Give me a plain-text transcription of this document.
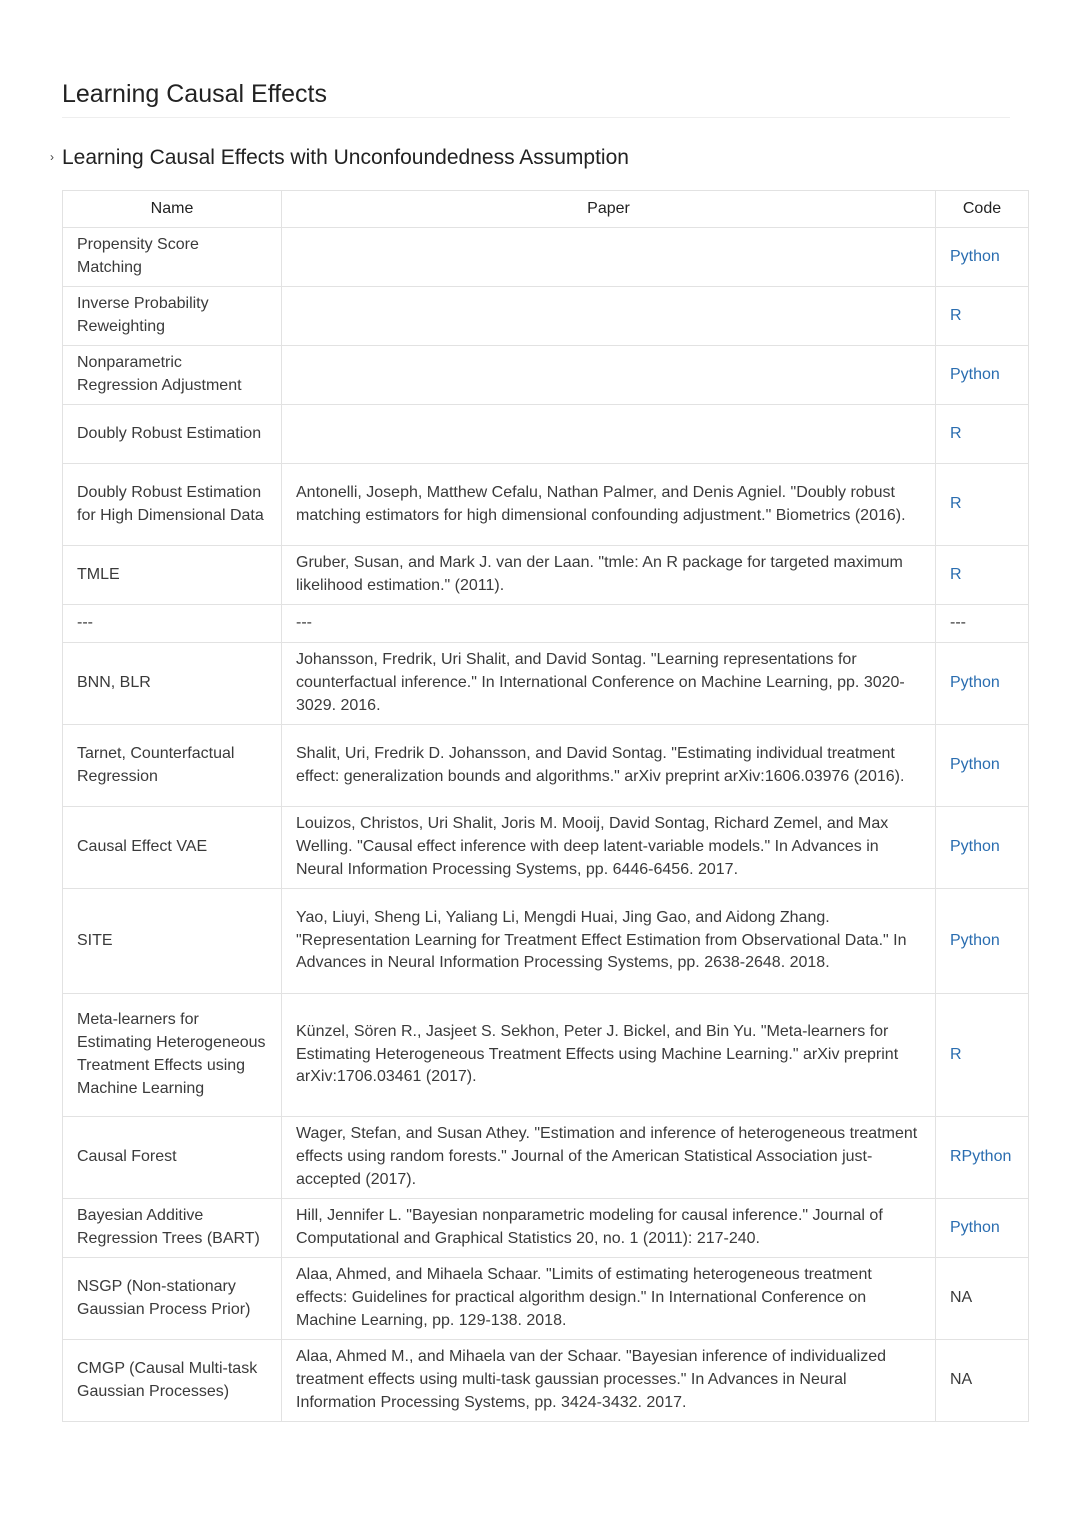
Learning Causal Effects
› Learning Causal Effects with Unconfoundedness Assumption
Name	Paper	Code
Propensity Score Matching		Python
Inverse Probability Reweighting		R
Nonparametric Regression Adjustment		Python
Doubly Robust Estimation		R
Doubly Robust Estimation for High Dimensional Data	Antonelli, Joseph, Matthew Cefalu, Nathan Palmer, and Denis Agniel. "Doubly robust matching estimators for high dimensional confounding adjustment." Biometrics (2016).	R
TMLE	Gruber, Susan, and Mark J. van der Laan. "tmle: An R package for targeted maximum likelihood estimation." (2011).	R
---	---	---
BNN, BLR	Johansson, Fredrik, Uri Shalit, and David Sontag. "Learning representations for counterfactual inference." In International Conference on Machine Learning, pp. 3020-3029. 2016.	Python
Tarnet, Counterfactual Regression	Shalit, Uri, Fredrik D. Johansson, and David Sontag. "Estimating individual treatment effect: generalization bounds and algorithms." arXiv preprint arXiv:1606.03976 (2016).	Python
Causal Effect VAE	Louizos, Christos, Uri Shalit, Joris M. Mooij, David Sontag, Richard Zemel, and Max Welling. "Causal effect inference with deep latent-variable models." In Advances in Neural Information Processing Systems, pp. 6446-6456. 2017.	Python
SITE	Yao, Liuyi, Sheng Li, Yaliang Li, Mengdi Huai, Jing Gao, and Aidong Zhang. "Representation Learning for Treatment Effect Estimation from Observational Data." In Advances in Neural Information Processing Systems, pp. 2638-2648. 2018.	Python
Meta-learners for Estimating Heterogeneous Treatment Effects using Machine Learning	Künzel, Sören R., Jasjeet S. Sekhon, Peter J. Bickel, and Bin Yu. "Meta-learners for Estimating Heterogeneous Treatment Effects using Machine Learning." arXiv preprint arXiv:1706.03461 (2017).	R
Causal Forest	Wager, Stefan, and Susan Athey. "Estimation and inference of heterogeneous treatment effects using random forests." Journal of the American Statistical Association just-accepted (2017).	RPython
Bayesian Additive Regression Trees (BART)	Hill, Jennifer L. "Bayesian nonparametric modeling for causal inference." Journal of Computational and Graphical Statistics 20, no. 1 (2011): 217-240.	Python
NSGP (Non-stationary Gaussian Process Prior)	Alaa, Ahmed, and Mihaela Schaar. "Limits of estimating heterogeneous treatment effects: Guidelines for practical algorithm design." In International Conference on Machine Learning, pp. 129-138. 2018.	NA
CMGP (Causal Multi-task Gaussian Processes)	Alaa, Ahmed M., and Mihaela van der Schaar. "Bayesian inference of individualized treatment effects using multi-task gaussian processes." In Advances in Neural Information Processing Systems, pp. 3424-3432. 2017.	NA
